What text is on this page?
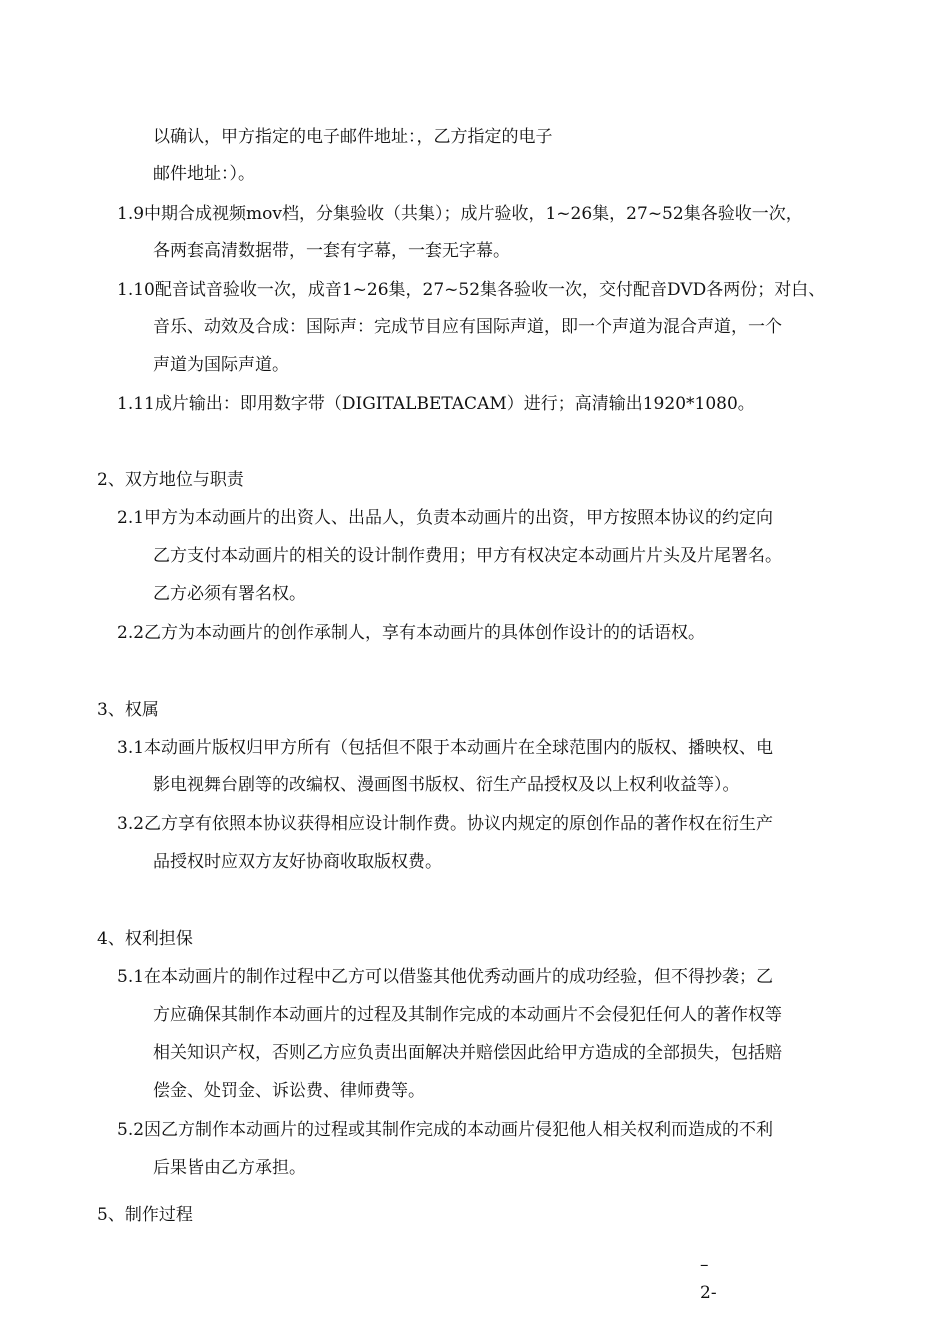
以确认，甲方指定的电子邮件地址：，乙方指定的电子
邮件地址：）。
1.9中期合成视频mov档，分集验收（共集）；成片验收，1~26集，27~52集各验收一次，
各两套高清数据带，一套有字幕，一套无字幕。
1.10配音试音验收一次，成音1~26集，27~52集各验收一次，交付配音DVD各两份；对白、
音乐、动效及合成：国际声：完成节目应有国际声道，即一个声道为混合声道，一个
声道为国际声道。
1.11成片输出：即用数字带（DIGITALBETACAM）进行；高清输出1920*1080。
2、双方地位与职责
2.1甲方为本动画片的出资人、出品人，负责本动画片的出资，甲方按照本协议的约定向
乙方支付本动画片的相关的设计制作费用；甲方有权决定本动画片片头及片尾署名。
乙方必须有署名权。
2.2乙方为本动画片的创作承制人，享有本动画片的具体创作设计的的话语权。
3、权属
3.1本动画片版权归甲方所有（包括但不限于本动画片在全球范围内的版权、播映权、电
影电视舞台剧等的改编权、漫画图书版权、衍生产品授权及以上权利收益等）。
3.2乙方享有依照本协议获得相应设计制作费。协议内规定的原创作品的著作权在衍生产
品授权时应双方友好协商收取版权费。
4、权利担保
5.1在本动画片的制作过程中乙方可以借鉴其他优秀动画片的成功经验，但不得抄袭；乙
方应确保其制作本动画片的过程及其制作完成的本动画片不会侵犯任何人的著作权等
相关知识产权，否则乙方应负责出面解决并赔偿因此给甲方造成的全部损失，包括赔
偿金、处罚金、诉讼费、律师费等。
5.2因乙方制作本动画片的过程或其制作完成的本动画片侵犯他人相关权利而造成的不利
后果皆由乙方承担。
5、制作过程
–
2-
